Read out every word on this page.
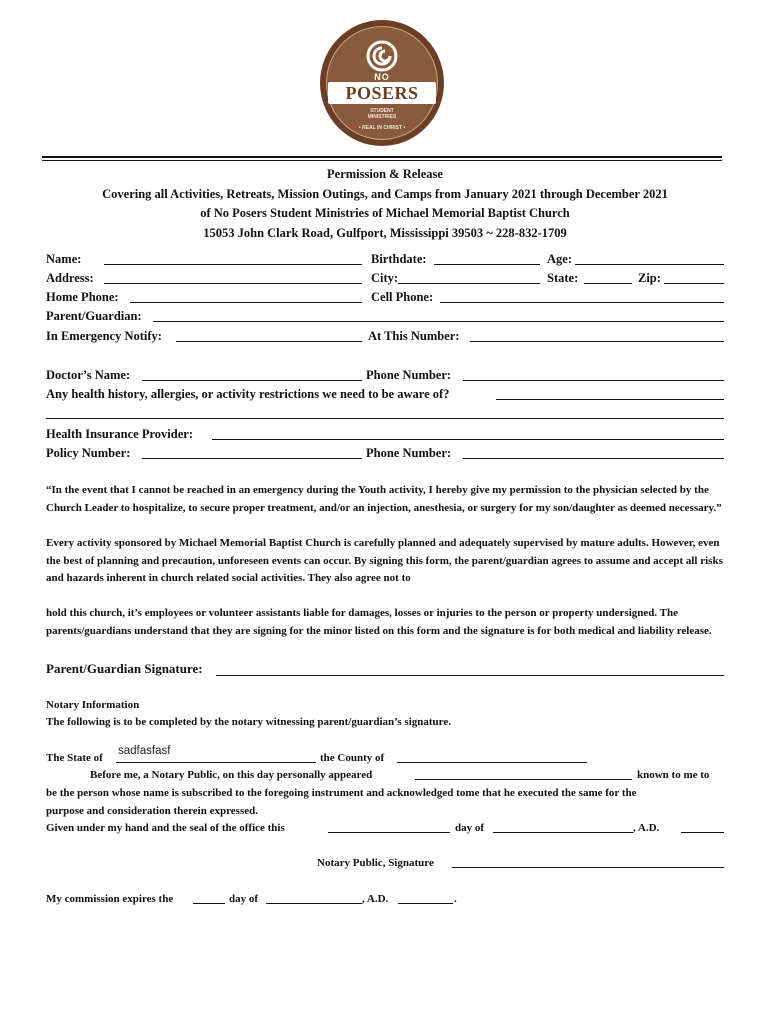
NO
POSERS
STUDENT
MINISTRIES
• REAL IN CHRIST •
Permission & Release
Covering all Activities, Retreats, Mission Outings, and Camps from January 2021 through December 2021
of No Posers Student Ministries of Michael Memorial Baptist Church
15053 John Clark Road, Gulfport, Mississippi 39503 ~ 228-832-1709
Name:	Birthdate:	Age:
Address:	City:	State:	Zip:
Home Phone:	Cell Phone:
Parent/Guardian:
In Emergency Notify:	At This Number:
Doctor’s Name:	Phone Number:
Any health history, allergies, or activity restrictions we need to be aware of?
Health Insurance Provider:
Policy Number:	Phone Number:
“In the event that I cannot be reached in an emergency during the Youth activity, I hereby give my permission to the physician selected by the Church Leader to hospitalize, to secure proper treatment, and/or an injection, anesthesia, or surgery for my son/daughter as deemed necessary.”
Every activity sponsored by Michael Memorial Baptist Church is carefully planned and adequately supervised by mature adults. However, even the best of planning and precaution, unforeseen events can occur. By signing this form, the parent/guardian agrees to assume and accept all risks and hazards inherent in church related social activities. They also agree not to
hold this church, it’s employees or volunteer assistants liable for damages, losses or injuries to the person or property undersigned. The parents/guardians understand that they are signing for the minor listed on this form and the signature is for both medical and liability release.
Parent/Guardian Signature:
Notary Information
The following is to be completed by the notary witnessing parent/guardian’s signature.
The State of
sadfasfasf
the County of
Before me, a Notary Public, on this day personally appeared	known to me to
be the person whose name is subscribed to the foregoing instrument and acknowledged tome that he executed the same for the
purpose and consideration therein expressed.
Given under my hand and the seal of the office this	day of	, A.D.
Notary Public, Signature
My commission expires the	day of	, A.D.	.
